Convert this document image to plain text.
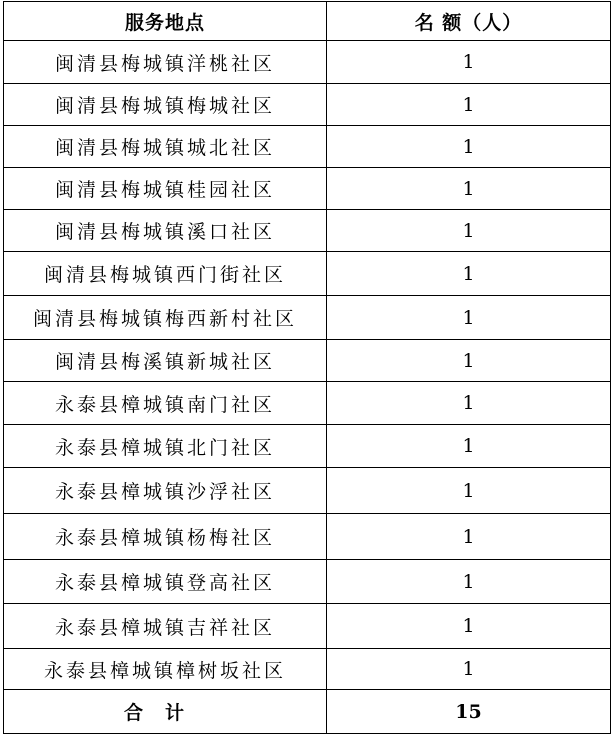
服务地点	名 额（人）
闽清县梅城镇洋桃社区	1
闽清县梅城镇梅城社区	1
闽清县梅城镇城北社区	1
闽清县梅城镇桂园社区	1
闽清县梅城镇溪口社区	1
闽清县梅城镇西门街社区	1
闽清县梅城镇梅西新村社区	1
闽清县梅溪镇新城社区	1
永泰县樟城镇南门社区	1
永泰县樟城镇北门社区	1
永泰县樟城镇沙浮社区	1
永泰县樟城镇杨梅社区	1
永泰县樟城镇登高社区	1
永泰县樟城镇吉祥社区	1
永泰县樟城镇樟树坂社区	1
合计	15
